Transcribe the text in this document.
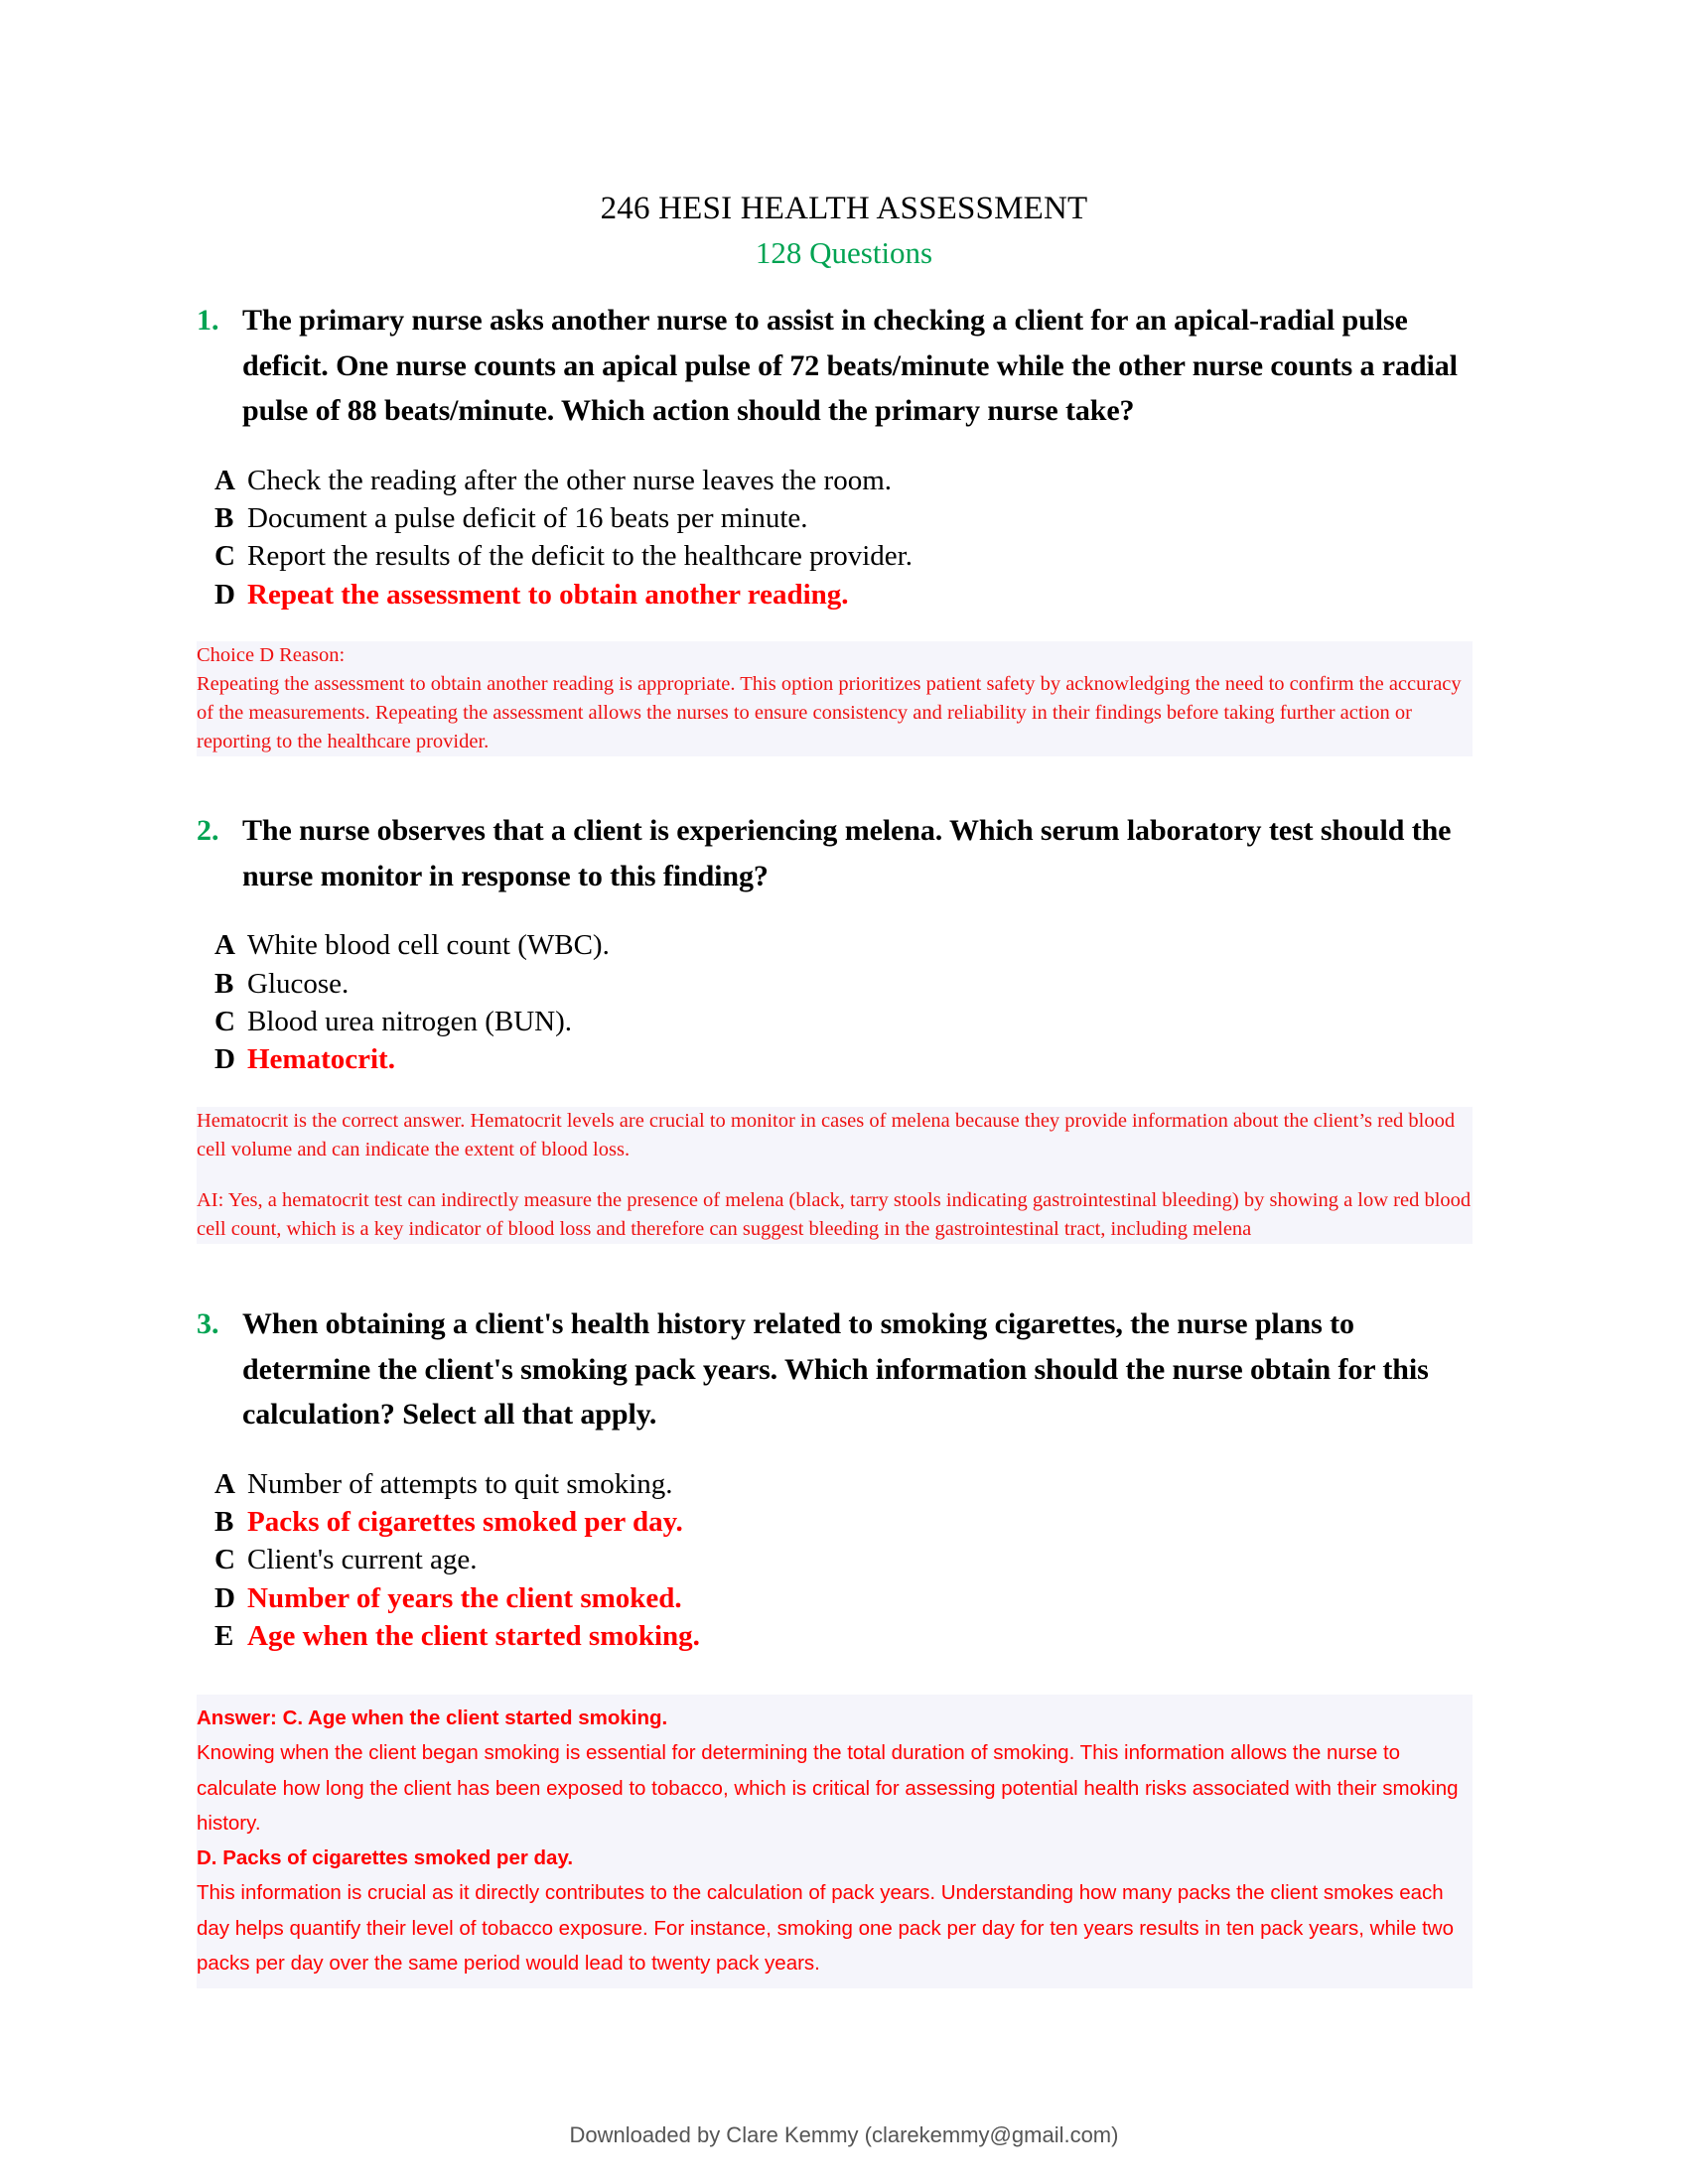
246 HESI HEALTH ASSESSMENT
128 Questions
1. The primary nurse asks another nurse to assist in checking a client for an apical-radial pulse deficit. One nurse counts an apical pulse of 72 beats/minute while the other nurse counts a radial pulse of 88 beats/minute. Which action should the primary nurse take?
A Check the reading after the other nurse leaves the room.
B Document a pulse deficit of 16 beats per minute.
C Report the results of the deficit to the healthcare provider.
D Repeat the assessment to obtain another reading.

Choice D Reason:

Repeating the assessment to obtain another reading is appropriate. This option prioritizes patient safety by acknowledging the need to confirm the accuracy of the measurements. Repeating the assessment allows the nurses to ensure consistency and reliability in their findings before taking further action or reporting to the healthcare provider.

2. The nurse observes that a client is experiencing melena. Which serum laboratory test should the nurse monitor in response to this finding?
A White blood cell count (WBC).
B Glucose.
C Blood urea nitrogen (BUN).
D Hematocrit.

Hematocrit is the correct answer. Hematocrit levels are crucial to monitor in cases of melena because they provide information about the client’s red blood cell volume and can indicate the extent of blood loss.

AI: Yes, a hematocrit test can indirectly measure the presence of melena (black, tarry stools indicating gastrointestinal bleeding) by showing a low red blood cell count, which is a key indicator of blood loss and therefore can suggest bleeding in the gastrointestinal tract, including melena

3. When obtaining a client's health history related to smoking cigarettes, the nurse plans to determine the client's smoking pack years. Which information should the nurse obtain for this calculation? Select all that apply.
A Number of attempts to quit smoking.
B Packs of cigarettes smoked per day.
C Client's current age.
D Number of years the client smoked.
E Age when the client started smoking.

Answer: C. Age when the client started smoking.

Knowing when the client began smoking is essential for determining the total duration of smoking. This information allows the nurse to calculate how long the client has been exposed to tobacco, which is critical for assessing potential health risks associated with their smoking history.

D. Packs of cigarettes smoked per day.

This information is crucial as it directly contributes to the calculation of pack years. Understanding how many packs the client smokes each day helps quantify their level of tobacco exposure. For instance, smoking one pack per day for ten years results in ten pack years, while two packs per day over the same period would lead to twenty pack years.

Downloaded by Clare Kemmy (clarekemmy@gmail.com)
